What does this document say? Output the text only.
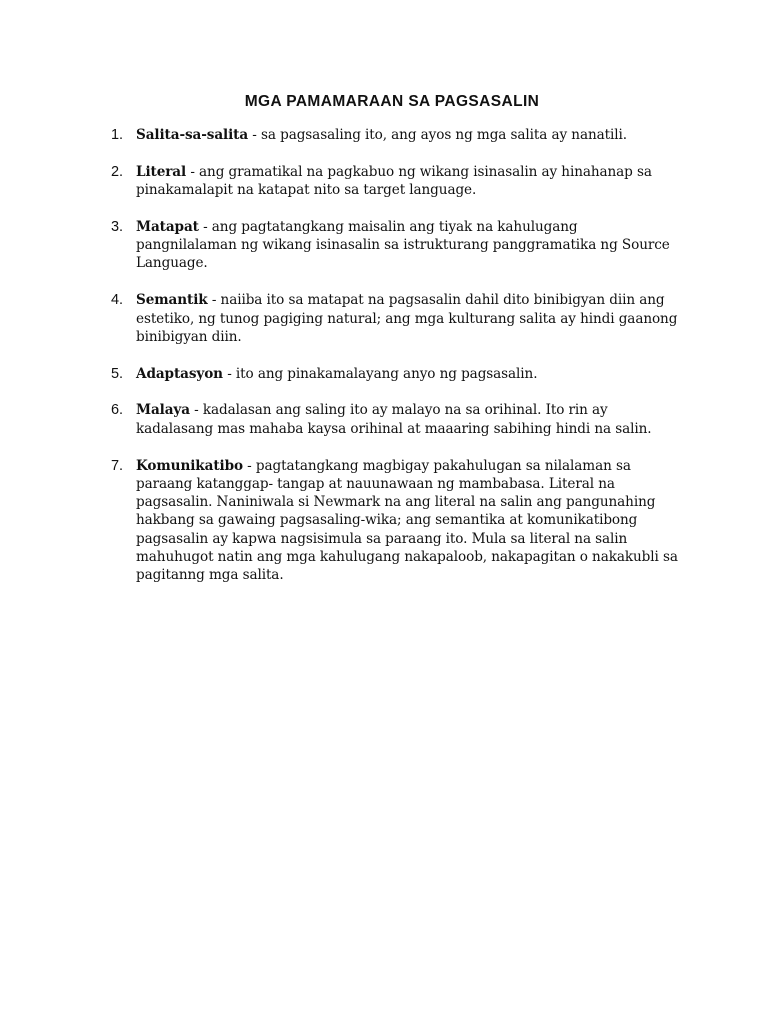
MGA PAMAMARAAN SA PAGSASALIN
1. Salita-sa-salita - sa pagsasaling ito, ang ayos ng mga salita ay nanatili.
2. Literal - ang gramatikal na pagkabuo ng wikang isinasalin ay hinahanap sa pinakamalapit na katapat nito sa target language.
3. Matapat - ang pagtatangkang maisalin ang tiyak na kahulugang pangnilalaman ng wikang isinasalin sa istrukturang panggramatika ng Source Language.
4. Semantik - naiiba ito sa matapat na pagsasalin dahil dito binibigyan diin ang estetiko, ng tunog pagiging natural; ang mga kulturang salita ay hindi gaanong binibigyan diin.
5. Adaptasyon - ito ang pinakamalayang anyo ng pagsasalin.
6. Malaya - kadalasan ang saling ito ay malayo na sa orihinal. Ito rin ay kadalasang mas mahaba kaysa orihinal at maaaring sabihing hindi na salin.
7. Komunikatibo - pagtatangkang magbigay pakahulugan sa nilalaman sa paraang katanggap- tangap at nauunawaan ng mambabasa. Literal na pagsasalin. Naniniwala si Newmark na ang literal na salin ang pangunahing hakbang sa gawaing pagsasaling-wika; ang semantika at komunikatibong pagsasalin ay kapwa nagsisimula sa paraang ito. Mula sa literal na salin mahuhugot natin ang mga kahulugang nakapaloob, nakapagitan o nakakubli sa pagitanng mga salita.
